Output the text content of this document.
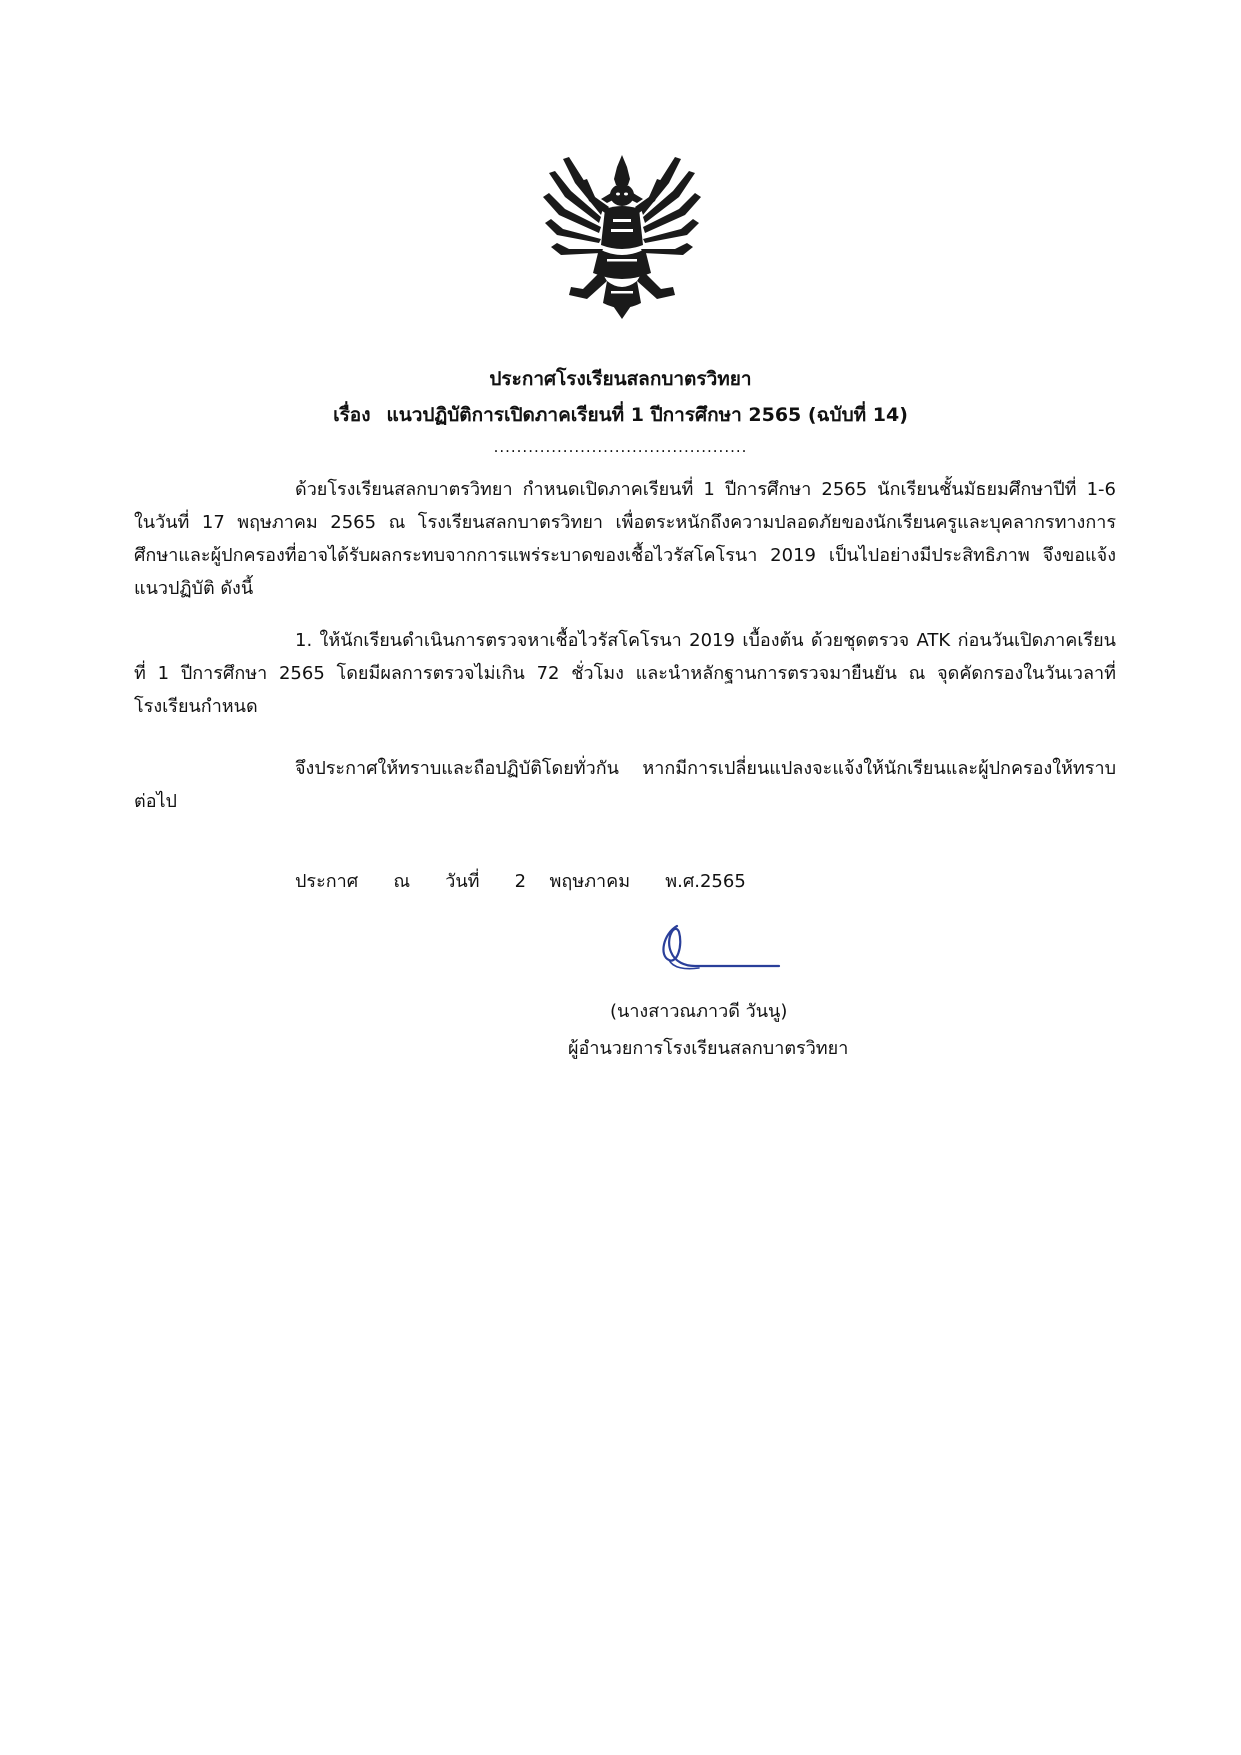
ประกาศโรงเรียนสลกบาตรวิทยา
เรื่อง แนวปฏิบัติการเปิดภาคเรียนที่ 1 ปีการศึกษา 2565 (ฉบับที่ 14)
............................................
ด้วยโรงเรียนสลกบาตรวิทยา กำหนดเปิดภาคเรียนที่ 1 ปีการศึกษา 2565 นักเรียนชั้นมัธยมศึกษาปีที่ 1-6 ในวันที่ 17 พฤษภาคม 2565 ณ โรงเรียนสลกบาตรวิทยา เพื่อตระหนักถึงความปลอดภัยของนักเรียนครูและบุคลากรทางการศึกษาและผู้ปกครองที่อาจได้รับผลกระทบจากการแพร่ระบาดของเชื้อไวรัสโคโรนา 2019 เป็นไปอย่างมีประสิทธิภาพ จึงขอแจ้งแนวปฏิบัติ ดังนี้
1. ให้นักเรียนดำเนินการตรวจหาเชื้อไวรัสโคโรนา 2019 เบื้องต้น ด้วยชุดตรวจ ATK ก่อนวันเปิดภาคเรียนที่ 1 ปีการศึกษา 2565 โดยมีผลการตรวจไม่เกิน 72 ชั่วโมง และนำหลักฐานการตรวจมายืนยัน ณ จุดคัดกรองในวันเวลาที่โรงเรียนกำหนด
จึงประกาศให้ทราบและถือปฏิบัติโดยทั่วกัน หากมีการเปลี่ยนแปลงจะแจ้งให้นักเรียนและผู้ปกครองให้ทราบต่อไป
ประกาศ   ณ   วันที่   2  พฤษภาคม   พ.ศ.2565
(นางสาวณภาวดี วันนู)
ผู้อำนวยการโรงเรียนสลกบาตรวิทยา
